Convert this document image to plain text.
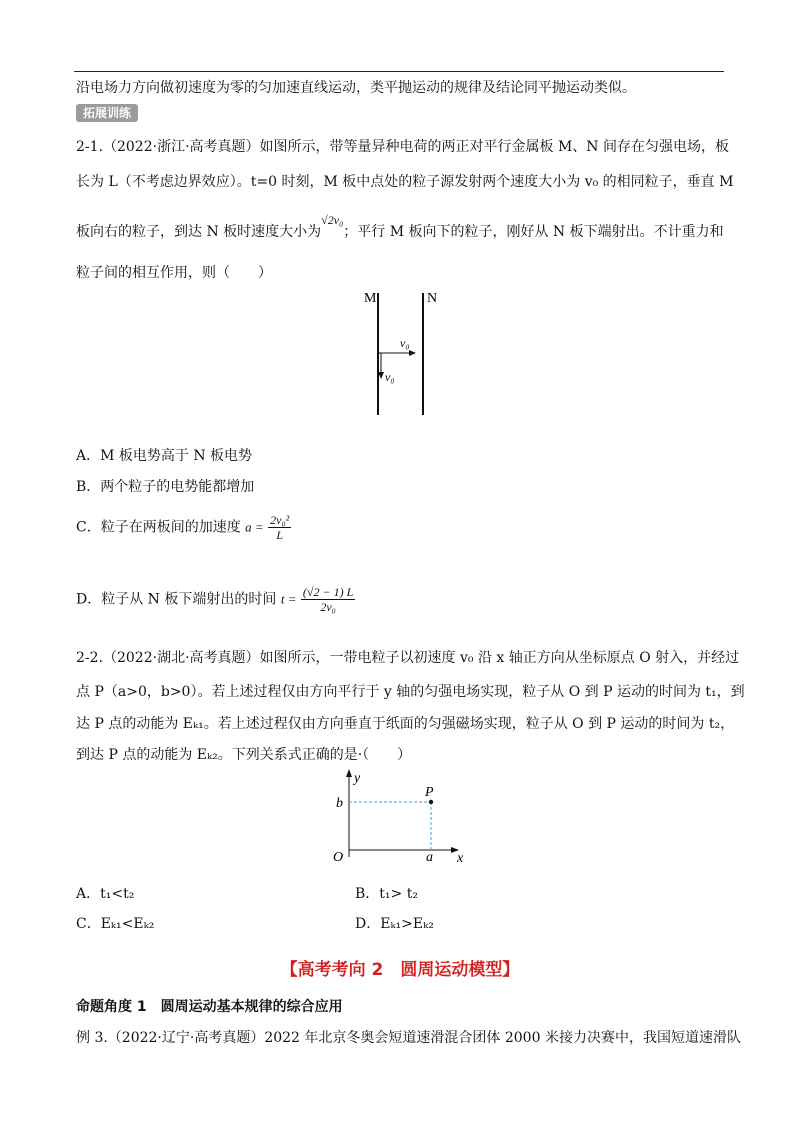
沿电场力方向做初速度为零的匀加速直线运动，类平抛运动的规律及结论同平抛运动类似。
拓展训练
2-1.（2022·浙江·高考真题）如图所示，带等量异种电荷的两正对平行金属板 M、N 间存在匀强电场，板
长为 L（不考虑边界效应）。t=0 时刻，M 板中点处的粒子源发射两个速度大小为 v₀ 的相同粒子，垂直 M
板向右的粒子，到达 N 板时速度大小为√2v₀；平行 M 板向下的粒子，刚好从 N 板下端射出。不计重力和
粒子间的相互作用，则（　　）
M	N
v₀
v₀
A．M 板电势高于 N 板电势
B．两个粒子的电势能都增加
C．粒子在两板间的加速度 $a = \frac{\text{2v₀²}}{L}$
D．粒子从 N 板下端射出的时间 $t = \frac{(√2 - 1) L}{\text{2v₀}}$
2-2.（2022·湖北·高考真题）如图所示，一带电粒子以初速度 v₀ 沿 x 轴正方向从坐标原点 O 射入，并经过
点 P（a>0，b>0）。若上述过程仅由方向平行于 y 轴的匀强电场实现，粒子从 O 到 P 运动的时间为 t₁，到
达 P 点的动能为 Eₖ₁。若上述过程仅由方向垂直于纸面的匀强磁场实现，粒子从 O 到 P 运动的时间为 t₂，
到达 P 点的动能为 Eₖ₂。下列关系式正确的是·（　　）
y
x
O
P
a
b
A．t₁<t₂	B．t₁> t₂
C．Eₖ₁<Eₖ₂	D．Eₖ₁>Eₖ₂
【高考考向 2　圆周运动模型】
命题角度 1　圆周运动基本规律的综合应用
例 3.（2022·辽宁·高考真题）2022 年北京冬奥会短道速滑混合团体 2000 米接力决赛中，我国短道速滑队
